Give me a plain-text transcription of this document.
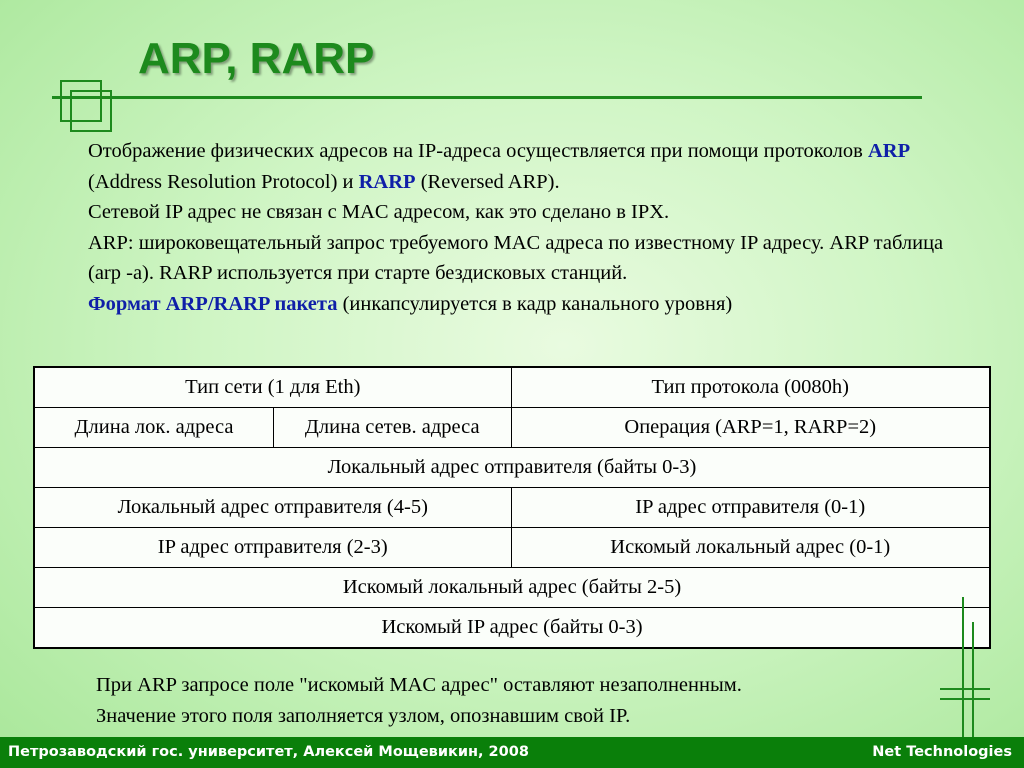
ARP, RARP

Отображение физических адресов на IP-адреса осуществляется при помощи протоколов ARP (Address Resolution Protocol) и RARP (Reversed ARP).

Сетевой IP адрес не связан с MAC адресом, как это сделано в IPX.

ARP: широковещательный запрос требуемого MAC адреса по известному IP адресу. ARP таблица (arp -a). RARP используется при старте бездисковых станций.

Формат ARP/RARP пакета (инкапсулируется в кадр канального уровня)

Тип сети (1 для Eth)		Тип протокола (0080h)
Длина лок. адреса	Длина сетев. адреса	Операция (ARP=1, RARP=2)
Локальный адрес отправителя (байты 0-3)		
Локальный адрес отправителя (4-5)		IP адрес отправителя (0-1)
IP адрес отправителя (2-3)		Искомый локальный адрес (0-1)
Искомый локальный адрес (байты 2-5)		
Искомый IP адрес (байты 0-3)		

При ARP запросе поле "искомый MAC адрес" оставляют незаполненным.

Значение этого поля заполняется узлом, опознавшим свой IP.

Петрозаводский гос. университет, Алексей Мощевикин, 2008	Net Technologies
